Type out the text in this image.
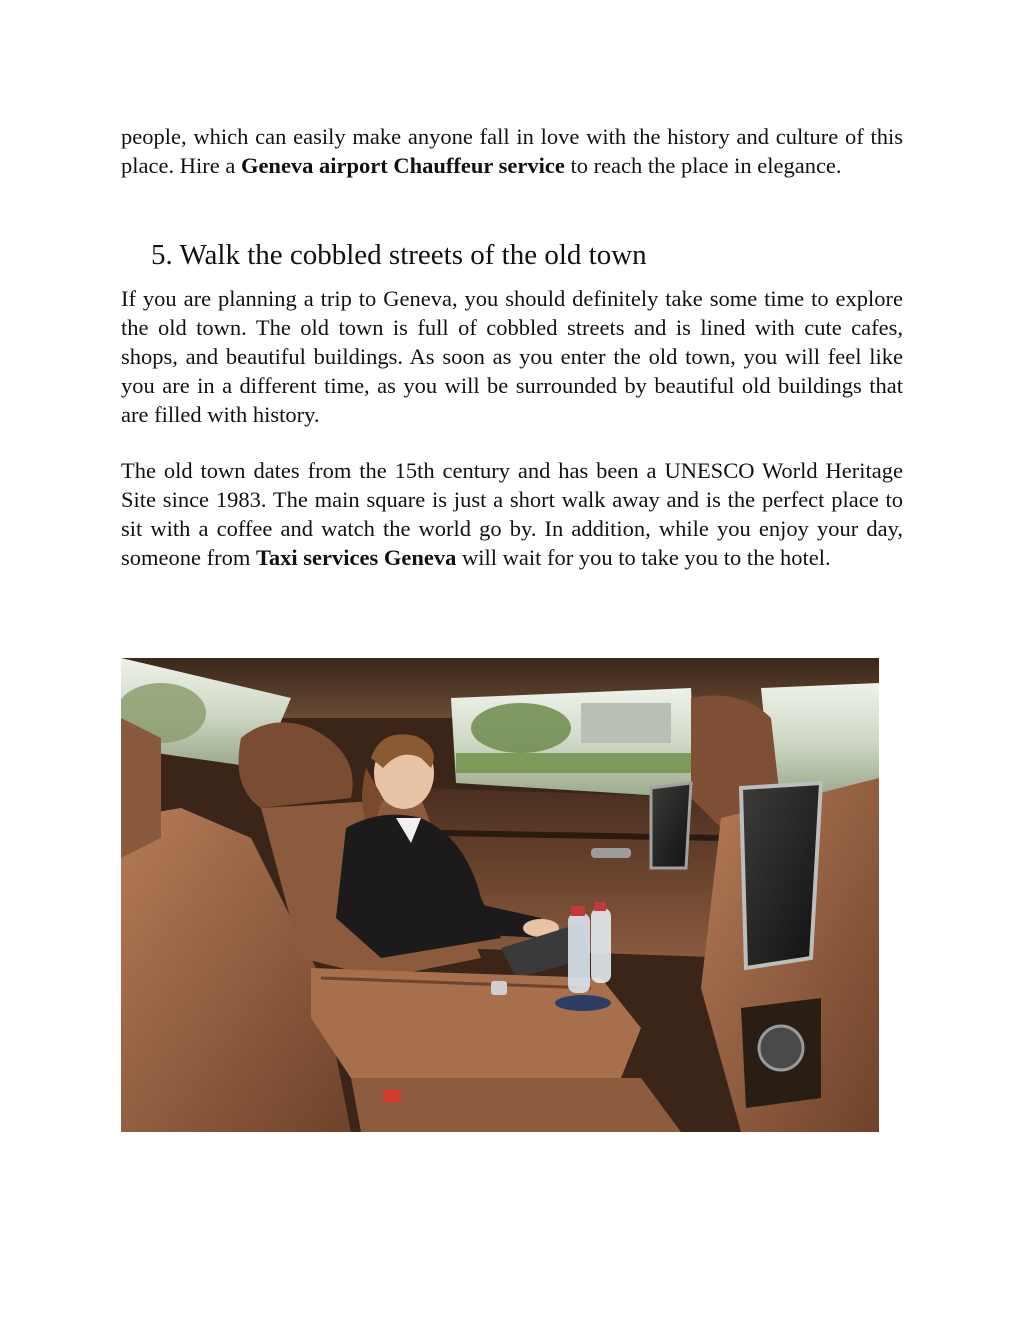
people, which can easily make anyone fall in love with the history and culture of this place. Hire a Geneva airport Chauffeur service to reach the place in elegance.

5. Walk the cobbled streets of the old town

If you are planning a trip to Geneva, you should definitely take some time to explore the old town. The old town is full of cobbled streets and is lined with cute cafes, shops, and beautiful buildings. As soon as you enter the old town, you will feel like you are in a different time, as you will be surrounded by beautiful old buildings that are filled with history.

The old town dates from the 15th century and has been a UNESCO World Heritage Site since 1983. The main square is just a short walk away and is the perfect place to sit with a coffee and watch the world go by. In addition, while you enjoy your day, someone from Taxi services Geneva will wait for you to take you to the hotel.
